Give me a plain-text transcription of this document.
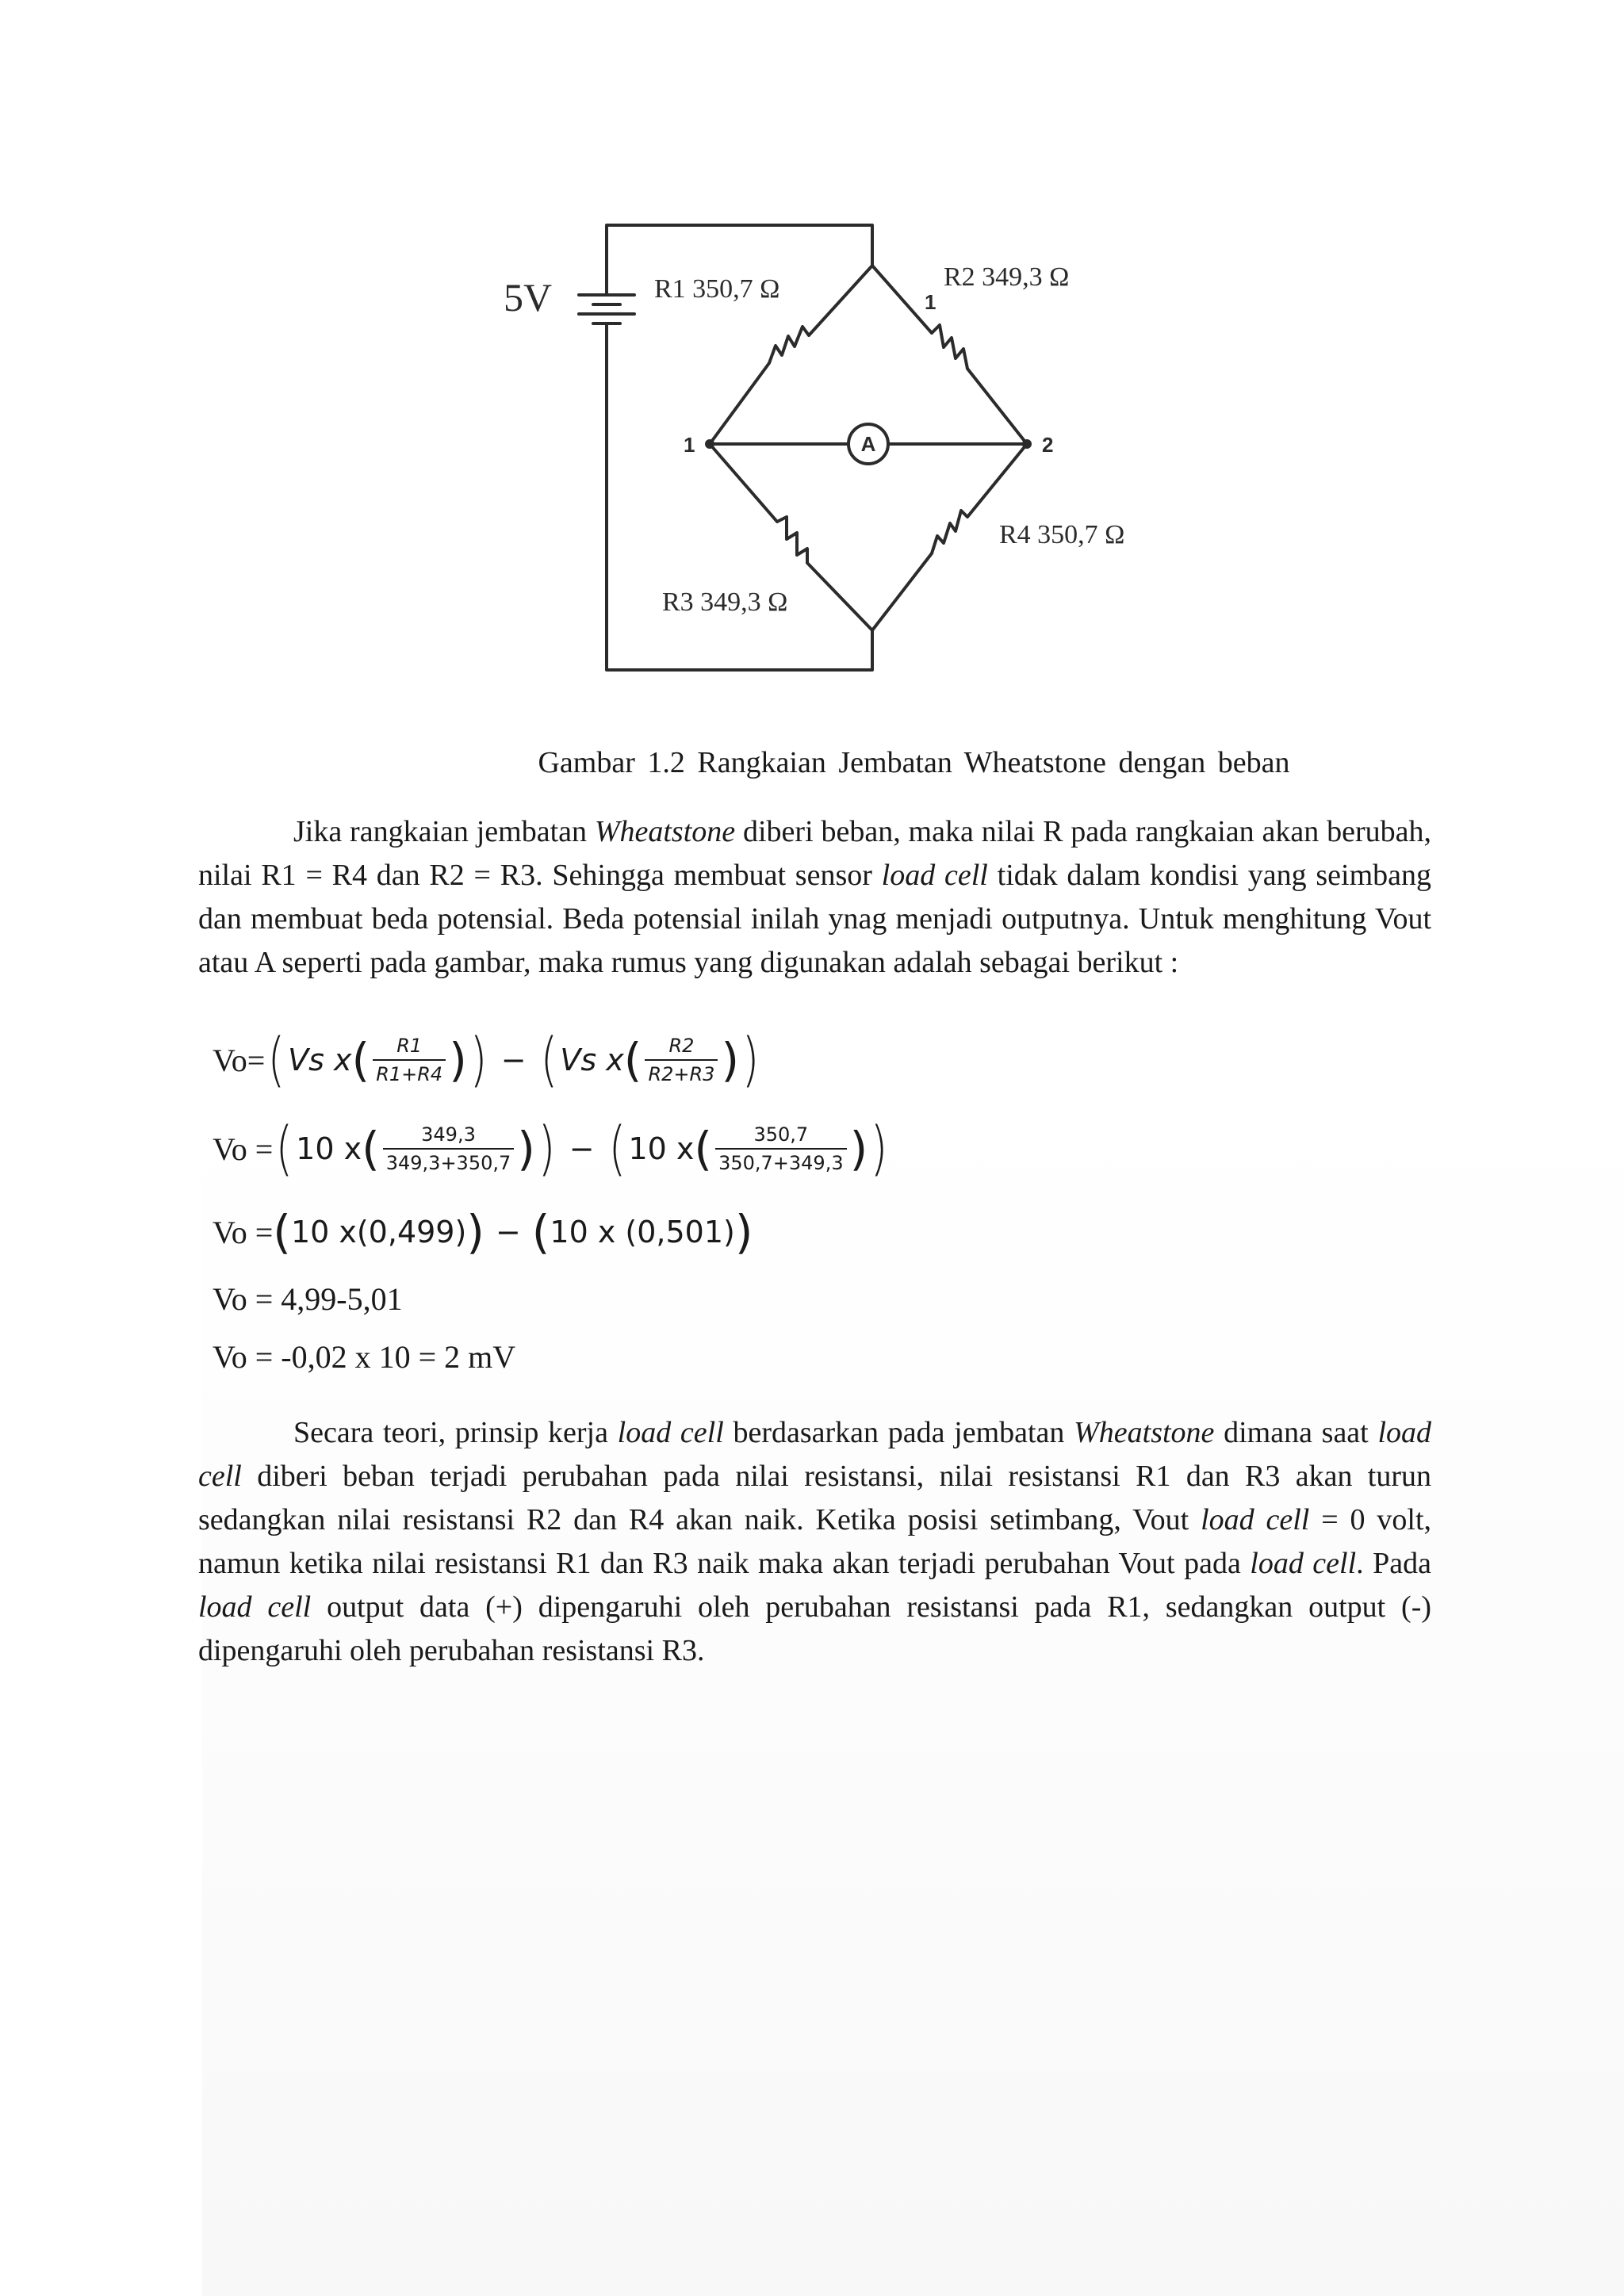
5V
A
1	2
1
R1 350,7 Ω	R2 349,3 Ω
R3 349,3 Ω
R4 350,7 Ω
Gambar 1.2 Rangkaian Jembatan Wheatstone dengan beban

Jika rangkaian jembatan Wheatstone diberi beban, maka nilai R pada rangkaian akan berubah, nilai R1 = R4 dan R2 = R3. Sehingga membuat sensor load cell tidak dalam kondisi yang seimbang dan membuat beda potensial. Beda potensial inilah ynag menjadi outputnya. Untuk menghitung Vout atau A seperti pada gambar, maka rumus yang digunakan adalah sebagai berikut :

Vo= ( Vs x ( $\frac{R1}{R1+R4}$ ) ) − ( Vs x ( $\frac{R2}{R2+R3}$ ) )
Vo = ( 10 x ( $\frac{349,3}{349,3+350,7}$ ) ) − ( 10 x ( $\frac{350,7}{350,7+349,3}$ ) )
Vo = ( 10 x(0,499) ) − ( 10 x (0,501) )
Vo = 4,99-5,01
Vo = -0,02 x 10 = 2 mV

Secara teori, prinsip kerja load cell berdasarkan pada jembatan Wheatstone dimana saat load cell diberi beban terjadi perubahan pada nilai resistansi, nilai resistansi R1 dan R3 akan turun sedangkan nilai resistansi R2 dan R4 akan naik. Ketika posisi setimbang, Vout load cell = 0 volt, namun ketika nilai resistansi R1 dan R3 naik maka akan terjadi perubahan Vout pada load cell. Pada load cell output data (+) dipengaruhi oleh perubahan resistansi pada R1, sedangkan output (-) dipengaruhi oleh perubahan resistansi R3.
